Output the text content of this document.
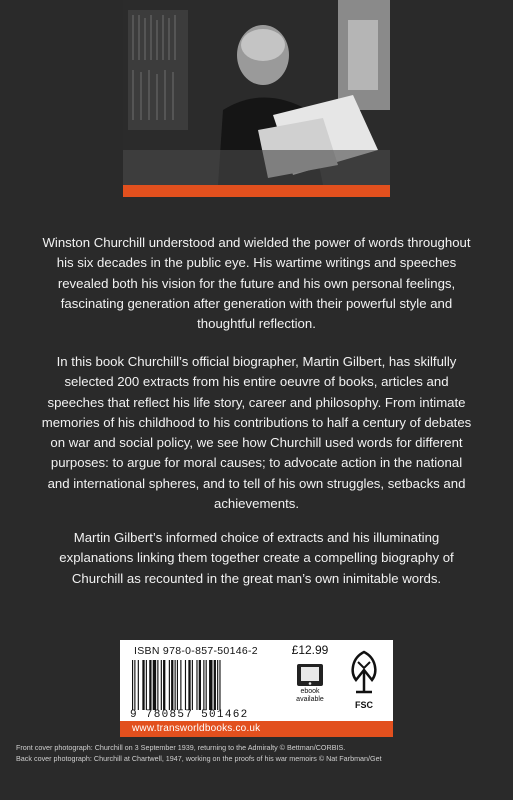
Winston Churchill understood and wielded the power of words throughout his six decades in the public eye. His wartime writings and speeches revealed both his vision for the future and his own personal feelings, fascinating generation after generation with their powerful style and thoughtful reflection.
In this book Churchill’s official biographer, Martin Gilbert, has skilfully selected 200 extracts from his entire oeuvre of books, articles and speeches that reflect his life story, career and philosophy. From intimate memories of his childhood to his contributions to half a century of debates on war and social policy, we see how Churchill used words for different purposes: to argue for moral causes; to advocate action in the national and international spheres, and to tell of his own struggles, setbacks and achievements.
Martin Gilbert’s informed choice of extracts and his illuminating explanations linking them together create a compelling biography of Churchill as recounted in the great man’s own inimitable words.
ISBN 978-0-857-50146-2
9 780857 501462
£12.99
ebook
available
FSC
www.transworldbooks.co.uk
Front cover photograph: Churchill on 3 September 1939, returning to the Admiralty © Bettman/CORBIS.
Back cover photograph: Churchill at Chartwell, 1947, working on the proofs of his war memoirs © Nat Farbman/Get
